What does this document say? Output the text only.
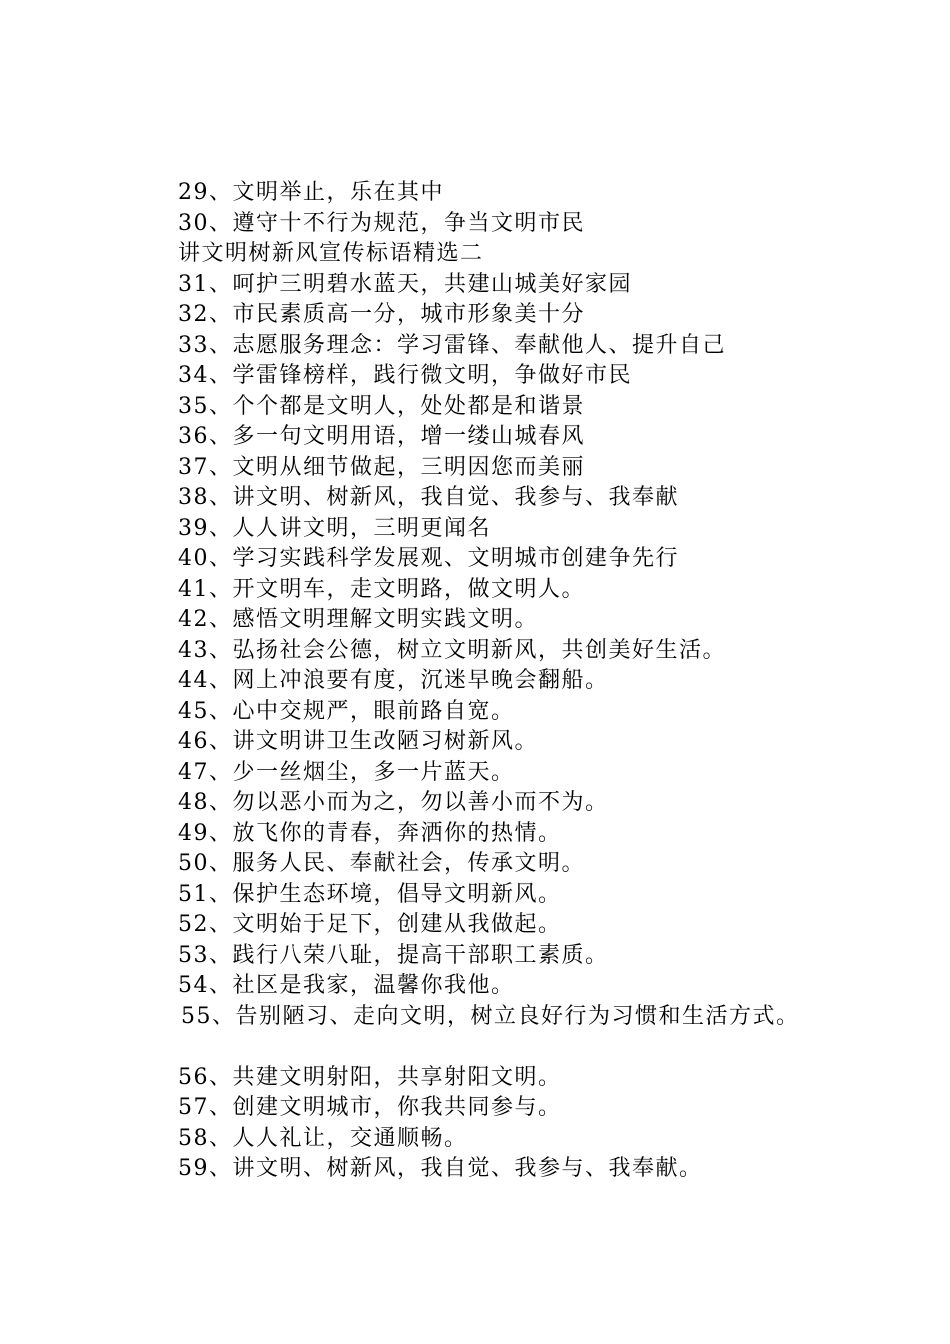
29、文明举止，乐在其中
30、遵守十不行为规范，争当文明市民
讲文明树新风宣传标语精选二
31、呵护三明碧水蓝天，共建山城美好家园
32、市民素质高一分，城市形象美十分
33、志愿服务理念：学习雷锋、奉献他人、提升自己
34、学雷锋榜样，践行微文明，争做好市民
35、个个都是文明人，处处都是和谐景
36、多一句文明用语，增一缕山城春风
37、文明从细节做起，三明因您而美丽
38、讲文明、树新风，我自觉、我参与、我奉献
39、人人讲文明，三明更闻名
40、学习实践科学发展观、文明城市创建争先行
41、开文明车，走文明路，做文明人。
42、感悟文明理解文明实践文明。
43、弘扬社会公德，树立文明新风，共创美好生活。
44、网上冲浪要有度，沉迷早晚会翻船。
45、心中交规严，眼前路自宽。
46、讲文明讲卫生改陋习树新风。
47、少一丝烟尘，多一片蓝天。
48、勿以恶小而为之，勿以善小而不为。
49、放飞你的青春，奔洒你的热情。
50、服务人民、奉献社会，传承文明。
51、保护生态环境，倡导文明新风。
52、文明始于足下，创建从我做起。
53、践行八荣八耻，提高干部职工素质。
54、社区是我家，温馨你我他。
55、告别陋习、走向文明，树立良好行为习惯和生活方式。
56、共建文明射阳，共享射阳文明。
57、创建文明城市，你我共同参与。
58、人人礼让，交通顺畅。
59、讲文明、树新风，我自觉、我参与、我奉献。
